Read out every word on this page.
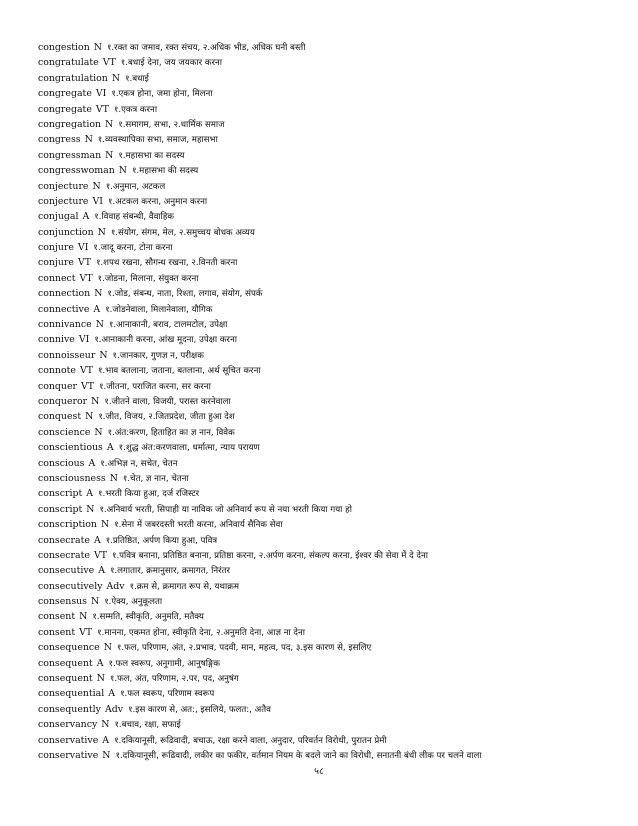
congestion N १.रक्त का जमाव, रक्त संचय, २.अधिक भीड, अधिक घनी बस्ती
congratulate VT १.बधाई देना, जय जयकार करना
congratulation N १.बधाई
congregate VI १.एकत्र होना, जमा होना, मिलना
congregate VT १.एकत्र करना
congregation N १.समागम, सभा, २.धार्मिक समाज
congress N १.व्यवस्थापिका सभा, समाज, महासभा
congressman N १.महासभा का सदस्य
congresswoman N १.महासभा की सदस्य
conjecture N १.अनुमान, अटकल
conjecture VI १.अटकल करना, अनुमान करना
conjugal A १.विवाह संबन्धी, वैवाहिक
conjunction N १.संयोग, संगम, मेल, २.समुच्चय बोधक अव्यय
conjure VI १.जादू करना, टोना करना
conjure VT १.शपथ रखना, सौगन्ध रखना, २.विनती करना
connect VT १.जोडना, मिलाना, संयुक्त करना
connection N १.जोड, संबन्ध, नाता, रिश्ता, लगाव, संयोग, संपर्क
connective A १.जोडनेवाला, मिलानेवाला, यौगिक
connivance N १.आनाकानी, बराव, टालमटोल, उपेक्षा
connive VI १.आनाकानी करना, आंख मूदना, उपेक्षा करना
connoisseur N १.जानकार, गुणज्ञ न, परीक्षक
connote VT १.भाव बतलाना, जताना, बतलाना, अर्थ सूचित करना
conquer VT १.जीतना, पराजित करना, सर करना
conqueror N १.जीतने वाला, विजयी, परास्त करनेवाला
conquest N १.जीत, विजय, २.जितप्रदेश, जीता हुआ देश
conscience N १.अंत:करण, हिताहित का ज्ञ नान, विवेक
conscientious A १.शुद्ध अंत:करणवाला, धर्मात्मा, न्याय परायण
conscious A १.अभिज्ञ न, सचेत, चेतन
consciousness N १.चेत, ज्ञ नान, चेतना
conscript A १.भरती किया हुआ, दर्ज रजिस्टर
conscript N १.अनिवार्य भरती, सिपाही या नाविक जो अनिवार्य रूप से नया भरती किया गया हो
conscription N १.सेना में जबरदस्ती भरती करना, अनिवार्य सैनिक सेवा
consecrate A १.प्रतिष्ठित, अर्पण किया हुआ, पवित्र
consecrate VT १.पवित्र बनाना, प्रतिष्ठित बनाना, प्रतिष्ठा करना, २.अर्पण करना, संकल्प करना, ईश्वर की सेवा में दे देना
consecutive A १.लगातार, क्रमानुसार, क्रमागत, निरंतर
consecutively Adv १.क्रम से, क्रमागत रूप से, यथाक्रम
consensus N १.ऐक्य, अनुकूलता
consent N १.सम्मति, स्वीकृति, अनुमति, मतैक्य
consent VT १.मानना, एकमत होना, स्वीकृति देना, २.अनुमति देना, आज्ञ ना देना
consequence N १.फल, परिणाम, अंत, २.प्रभाव, पदवी, मान, महत्व, पद, ३.इस कारण से, इसलिए
consequent A १.फल स्वरूप, अनुगामी, आनुषङ्गिक
consequent N १.फल, अंत, परिणाम, २.पर, पद, अनुषंग
consequential A १.फल स्वरूप, परिणाम स्वरूप
consequently Adv १.इस कारण से, अत:, इसलिये, फलत:, अतैव
conservancy N १.बचाव, रक्षा, सफाई
conservative A १.दकियानूसी, रूढिवादी, बचाऊ, रक्षा करने वाला, अनुदार, परिवर्तन विरोधी, पुरातन प्रेमी
conservative N १.दकियानूसी, रूढिवादी, लकीर का फकीर, वर्तमान नियम के बदले जाने का विरोधी, सनातनी बंधी लीक पर चलने वाला
५८
